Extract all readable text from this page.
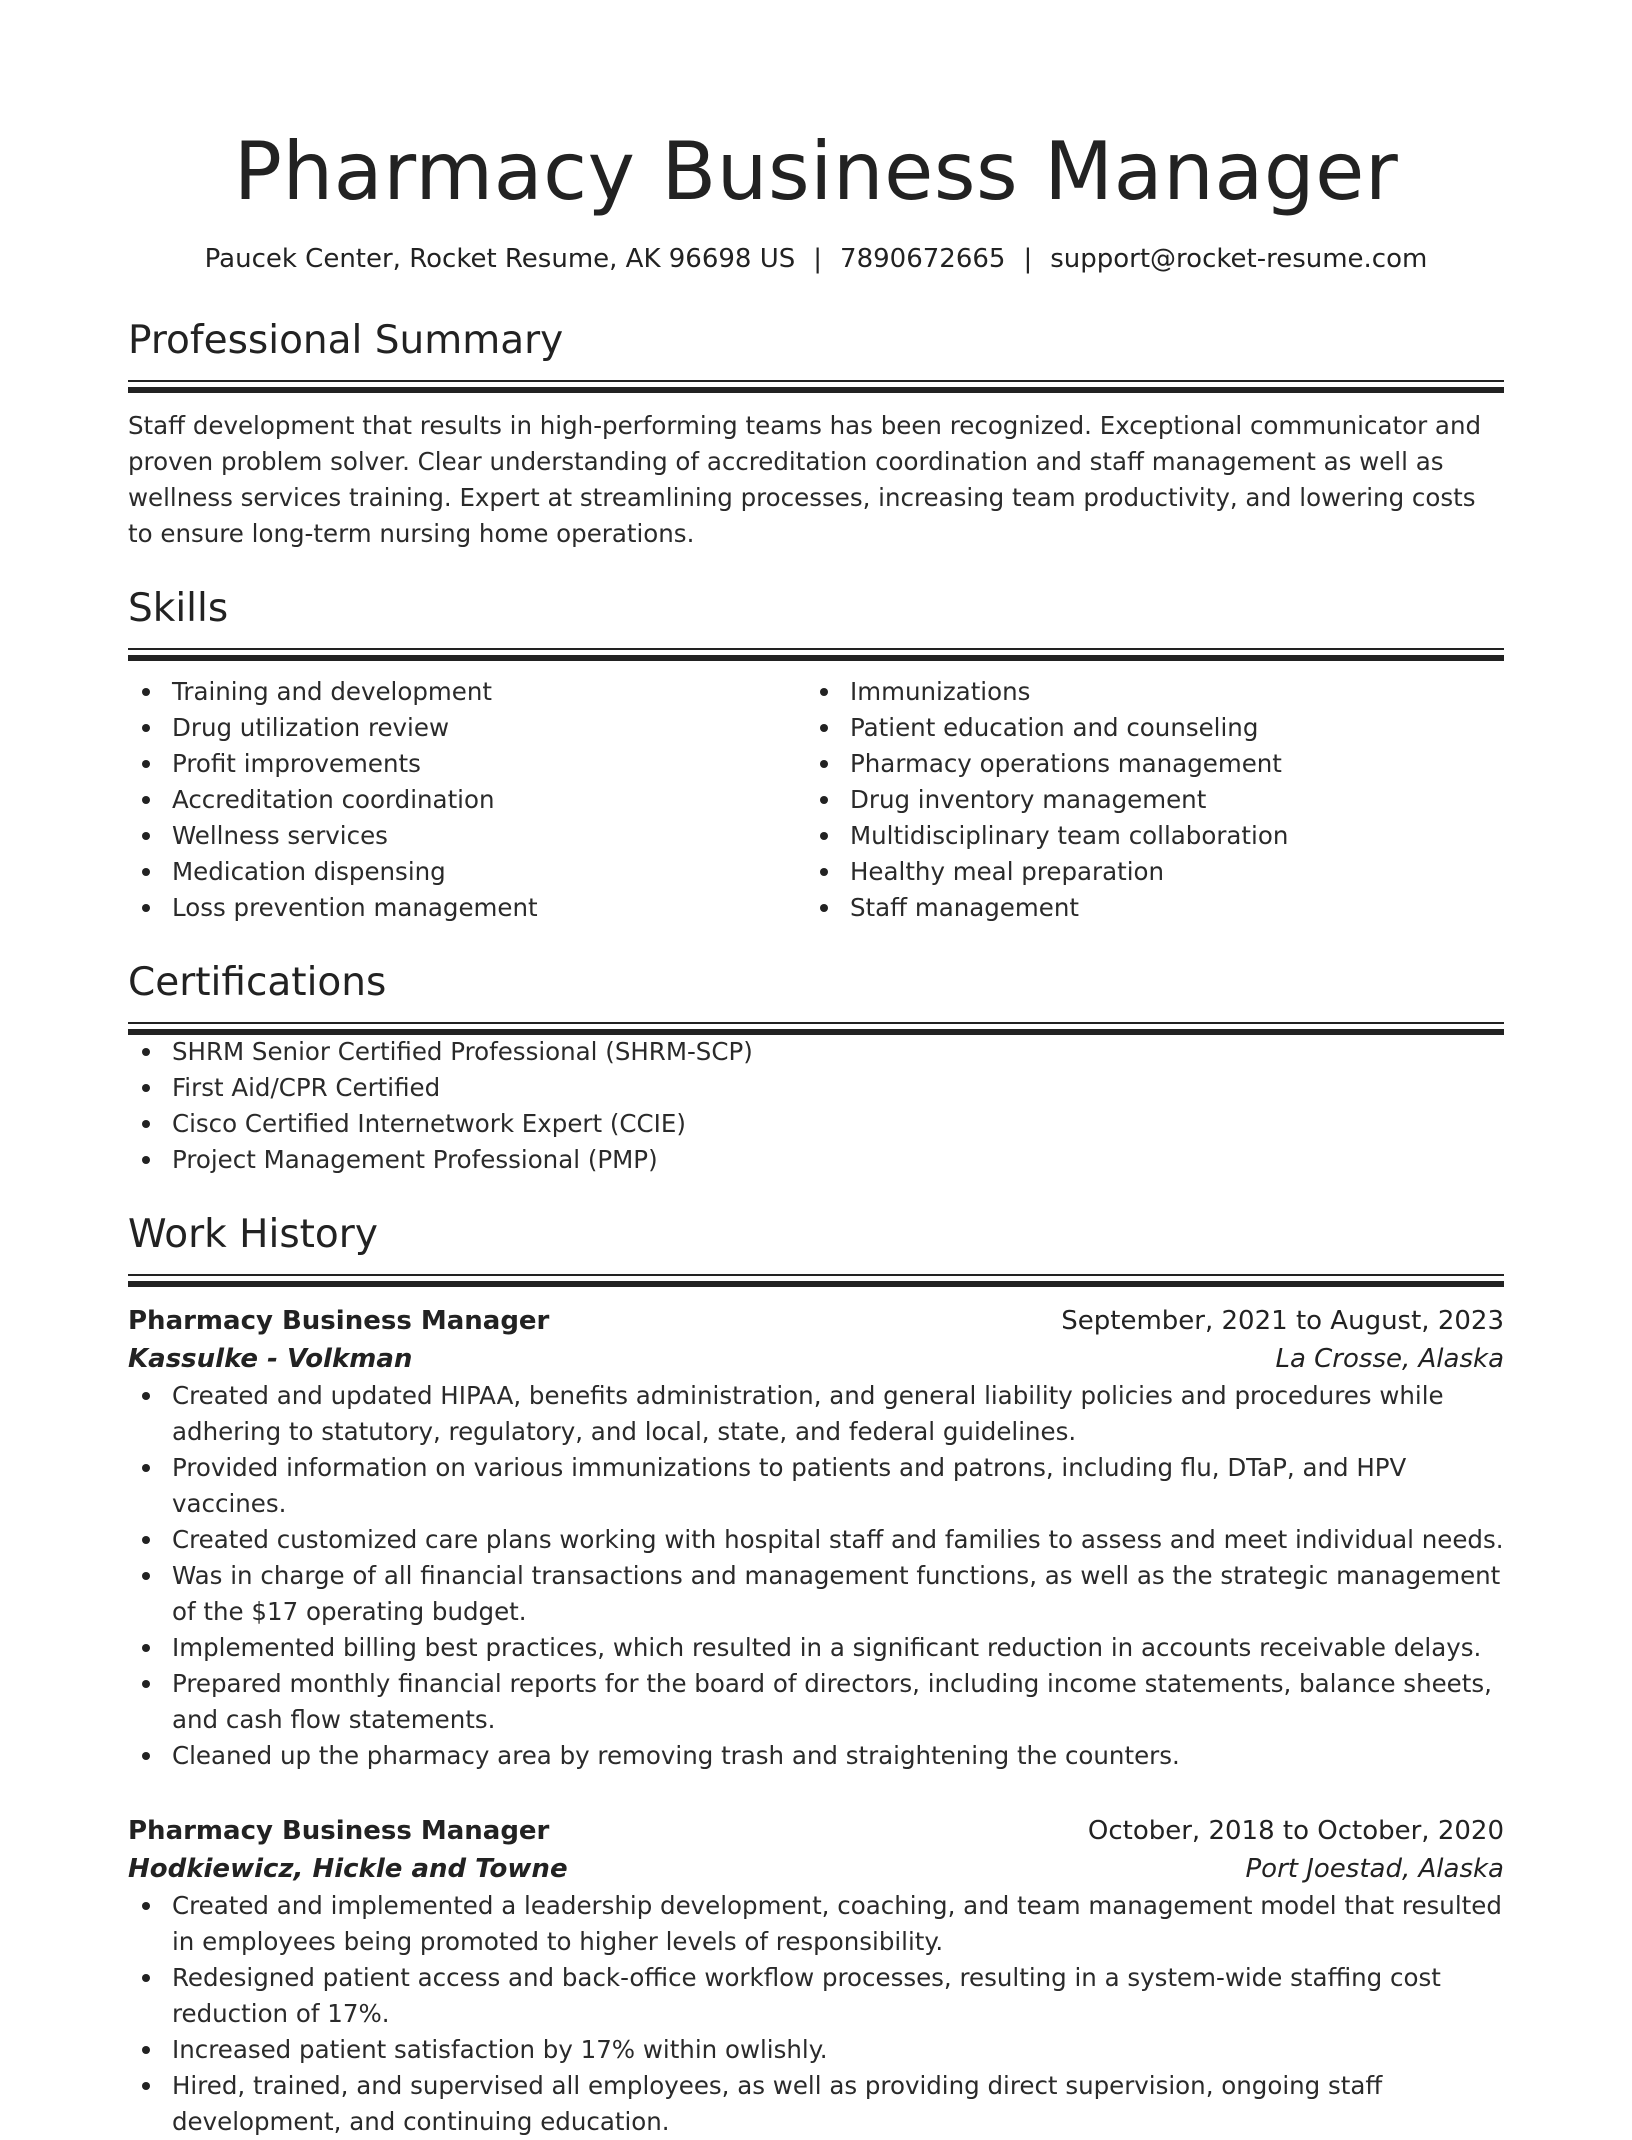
Pharmacy Business Manager
Paucek Center, Rocket Resume, AK 96698 US | 7890672665 | support@rocket-resume.com
Professional Summary

Staff development that results in high-performing teams has been recognized. Exceptional communicator and proven problem solver. Clear understanding of accreditation coordination and staff management as well as wellness services training. Expert at streamlining processes, increasing team productivity, and lowering costs to ensure long-term nursing home operations.

Skills
Training and development
Drug utilization review
Profit improvements
Accreditation coordination
Wellness services
Medication dispensing
Loss prevention management
Immunizations
Patient education and counseling
Pharmacy operations management
Drug inventory management
Multidisciplinary team collaboration
Healthy meal preparation
Staff management
Certifications
SHRM Senior Certified Professional (SHRM-SCP)
First Aid/CPR Certified
Cisco Certified Internetwork Expert (CCIE)
Project Management Professional (PMP)
Work History
Pharmacy Business Manager	September, 2021 to August, 2023
Kassulke - Volkman	La Crosse, Alaska
Created and updated HIPAA, benefits administration, and general liability policies and procedures while adhering to statutory, regulatory, and local, state, and federal guidelines.
Provided information on various immunizations to patients and patrons, including flu, DTaP, and HPV vaccines.
Created customized care plans working with hospital staff and families to assess and meet individual needs.
Was in charge of all financial transactions and management functions, as well as the strategic management of the $17 operating budget.
Implemented billing best practices, which resulted in a significant reduction in accounts receivable delays.
Prepared monthly financial reports for the board of directors, including income statements, balance sheets, and cash flow statements.
Cleaned up the pharmacy area by removing trash and straightening the counters.
Pharmacy Business Manager	October, 2018 to October, 2020
Hodkiewicz, Hickle and Towne	Port Joestad, Alaska
Created and implemented a leadership development, coaching, and team management model that resulted in employees being promoted to higher levels of responsibility.
Redesigned patient access and back-office workflow processes, resulting in a system-wide staffing cost reduction of 17%.
Increased patient satisfaction by 17% within owlishly.
Hired, trained, and supervised all employees, as well as providing direct supervision, ongoing staff development, and continuing education.
